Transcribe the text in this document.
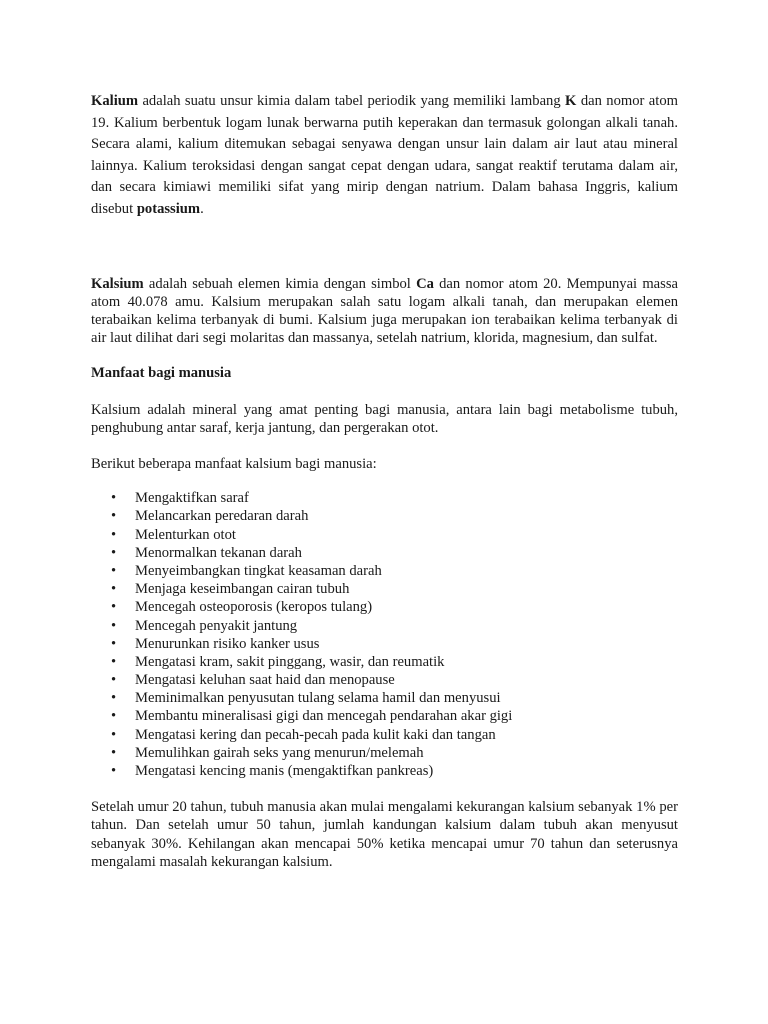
Kalium adalah suatu unsur kimia dalam tabel periodik yang memiliki lambang K dan nomor atom 19. Kalium berbentuk logam lunak berwarna putih keperakan dan termasuk golongan alkali tanah. Secara alami, kalium ditemukan sebagai senyawa dengan unsur lain dalam air laut atau mineral lainnya. Kalium teroksidasi dengan sangat cepat dengan udara, sangat reaktif terutama dalam air, dan secara kimiawi memiliki sifat yang mirip dengan natrium. Dalam bahasa Inggris, kalium disebut potassium.

Kalsium adalah sebuah elemen kimia dengan simbol Ca dan nomor atom 20. Mempunyai massa atom 40.078 amu. Kalsium merupakan salah satu logam alkali tanah, dan merupakan elemen terabaikan kelima terbanyak di bumi. Kalsium juga merupakan ion terabaikan kelima terbanyak di air laut dilihat dari segi molaritas dan massanya, setelah natrium, klorida, magnesium, dan sulfat.

Manfaat bagi manusia

Kalsium adalah mineral yang amat penting bagi manusia, antara lain bagi metabolisme tubuh, penghubung antar saraf, kerja jantung, dan pergerakan otot.

Berikut beberapa manfaat kalsium bagi manusia:

• Mengaktifkan saraf
• Melancarkan peredaran darah
• Melenturkan otot
• Menormalkan tekanan darah
• Menyeimbangkan tingkat keasaman darah
• Menjaga keseimbangan cairan tubuh
• Mencegah osteoporosis (keropos tulang)
• Mencegah penyakit jantung
• Menurunkan risiko kanker usus
• Mengatasi kram, sakit pinggang, wasir, dan reumatik
• Mengatasi keluhan saat haid dan menopause
• Meminimalkan penyusutan tulang selama hamil dan menyusui
• Membantu mineralisasi gigi dan mencegah pendarahan akar gigi
• Mengatasi kering dan pecah-pecah pada kulit kaki dan tangan
• Memulihkan gairah seks yang menurun/melemah
• Mengatasi kencing manis (mengaktifkan pankreas)

Setelah umur 20 tahun, tubuh manusia akan mulai mengalami kekurangan kalsium sebanyak 1% per tahun. Dan setelah umur 50 tahun, jumlah kandungan kalsium dalam tubuh akan menyusut sebanyak 30%. Kehilangan akan mencapai 50% ketika mencapai umur 70 tahun dan seterusnya mengalami masalah kekurangan kalsium.
